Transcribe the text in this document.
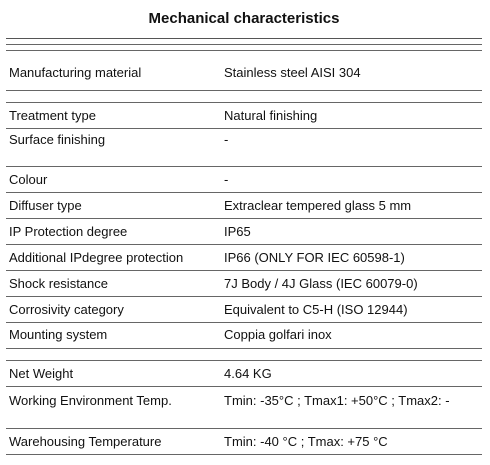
Mechanical characteristics
Manufacturing material	Stainless steel AISI 304
Treatment type	Natural finishing
Surface finishing	-
Colour	-
Diffuser type	Extraclear tempered glass 5 mm
IP Protection degree	IP65
Additional IPdegree protection	IP66 (ONLY FOR IEC 60598-1)
Shock resistance	7J Body / 4J Glass (IEC 60079-0)
Corrosivity category	Equivalent to C5-H (ISO 12944)
Mounting system	Coppia golfari inox
Net Weight	4.64 KG
Working Environment Temp.	Tmin: -35°C ; Tmax1: +50°C ; Tmax2: -
Warehousing Temperature	Tmin: -40 °C ; Tmax: +75 °C
